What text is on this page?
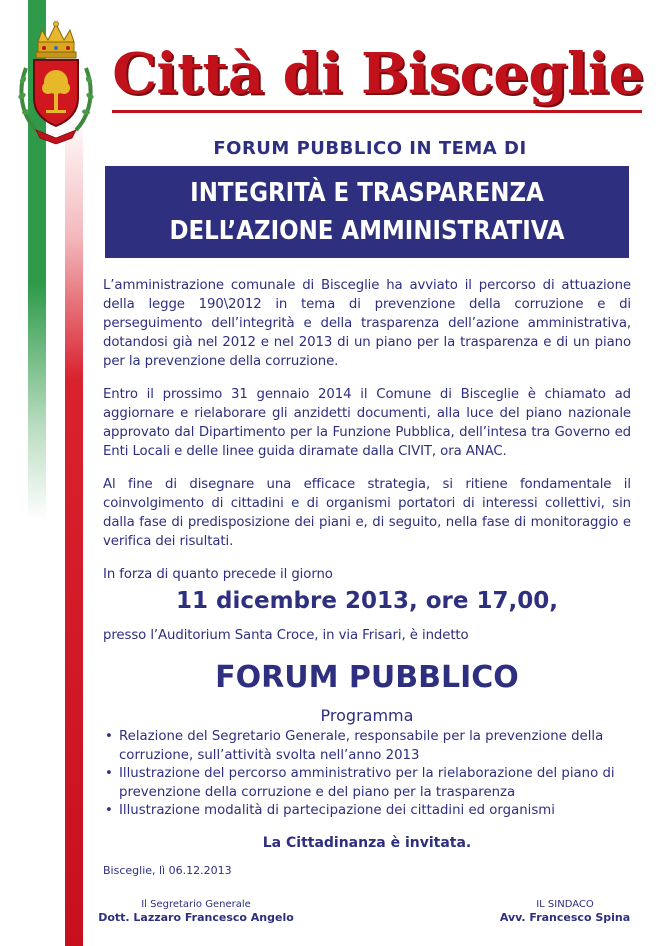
Città di Bisceglie
FORUM PUBBLICO IN TEMA DI
INTEGRITÀ E TRASPARENZA
DELL’AZIONE AMMINISTRATIVA
L’amministrazione comunale di Bisceglie ha avviato il percorso di attuazione della legge 190\2012 in tema di prevenzione della corruzione e di perseguimento dell’integrità e della trasparenza dell’azione amministrativa, dotandosi già nel 2012 e nel 2013 di un piano per la trasparenza e di un piano per la prevenzione della corruzione.
Entro il prossimo 31 gennaio 2014 il Comune di Bisceglie è chiamato ad aggiornare e rielaborare gli anzidetti documenti, alla luce del piano nazionale approvato dal Dipartimento per la Funzione Pubblica, dell’intesa tra Governo ed Enti Locali e delle linee guida diramate dalla CIVIT, ora ANAC.
Al fine di disegnare una efficace strategia, si ritiene fondamentale il coinvolgimento di cittadini e di organismi portatori di interessi collettivi, sin dalla fase di predisposizione dei piani e, di seguito, nella fase di monitoraggio e verifica dei risultati.
In forza di quanto precede il giorno
11 dicembre 2013, ore 17,00,
presso l’Auditorium Santa Croce, in via Frisari, è indetto
FORUM PUBBLICO
Programma
• Relazione del Segretario Generale, responsabile per la prevenzione della corruzione, sull’attività svolta nell’anno 2013
• Illustrazione del percorso amministrativo per la rielaborazione del piano di prevenzione della corruzione e del piano per la trasparenza
• Illustrazione modalità di partecipazione dei cittadini ed organismi
La Cittadinanza è invitata.
Bisceglie, lì 06.12.2013
Il Segretario Generale
Dott. Lazzaro Francesco Angelo
IL SINDACO
Avv. Francesco Spina
